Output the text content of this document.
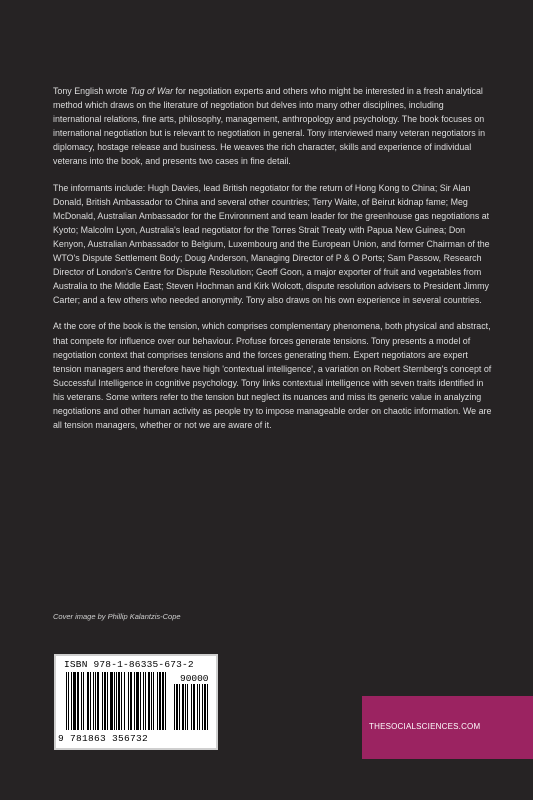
Tony English wrote Tug of War for negotiation experts and others who might be interested in a fresh analytical method which draws on the literature of negotiation but delves into many other disciplines, including international relations, fine arts, philosophy, management, anthropology and psychology. The book focuses on international negotiation but is relevant to negotiation in general. Tony interviewed many veteran negotiators in diplomacy, hostage release and business. He weaves the rich character, skills and experience of individual veterans into the book, and presents two cases in fine detail.

The informants include: Hugh Davies, lead British negotiator for the return of Hong Kong to China; Sir Alan Donald, British Ambassador to China and several other countries; Terry Waite, of Beirut kidnap fame; Meg McDonald, Australian Ambassador for the Environment and team leader for the greenhouse gas negotiations at Kyoto; Malcolm Lyon, Australia's lead negotiator for the Torres Strait Treaty with Papua New Guinea; Don Kenyon, Australian Ambassador to Belgium, Luxembourg and the European Union, and former Chairman of the WTO's Dispute Settlement Body; Doug Anderson, Managing Director of P & O Ports; Sam Passow, Research Director of London's Centre for Dispute Resolution; Geoff Goon, a major exporter of fruit and vegetables from Australia to the Middle East; Steven Hochman and Kirk Wolcott, dispute resolution advisers to President Jimmy Carter; and a few others who needed anonymity. Tony also draws on his own experience in several countries.

At the core of the book is the tension, which comprises complementary phenomena, both physical and abstract, that compete for influence over our behaviour. Profuse forces generate tensions. Tony presents a model of negotiation context that comprises tensions and the forces generating them. Expert negotiators are expert tension managers and therefore have high 'contextual intelligence', a variation on Robert Sternberg's concept of Successful Intelligence in cognitive psychology. Tony links contextual intelligence with seven traits identified in his veterans. Some writers refer to the tension but neglect its nuances and miss its generic value in analyzing negotiations and other human activity as people try to impose manageable order on chaotic information. We are all tension managers, whether or not we are aware of it.

Cover image by Phillip Kalantzis-Cope
ISBN 978-1-86335-673-2
90000
9 781863 356732
THESOCIALSCIENCES.COM
